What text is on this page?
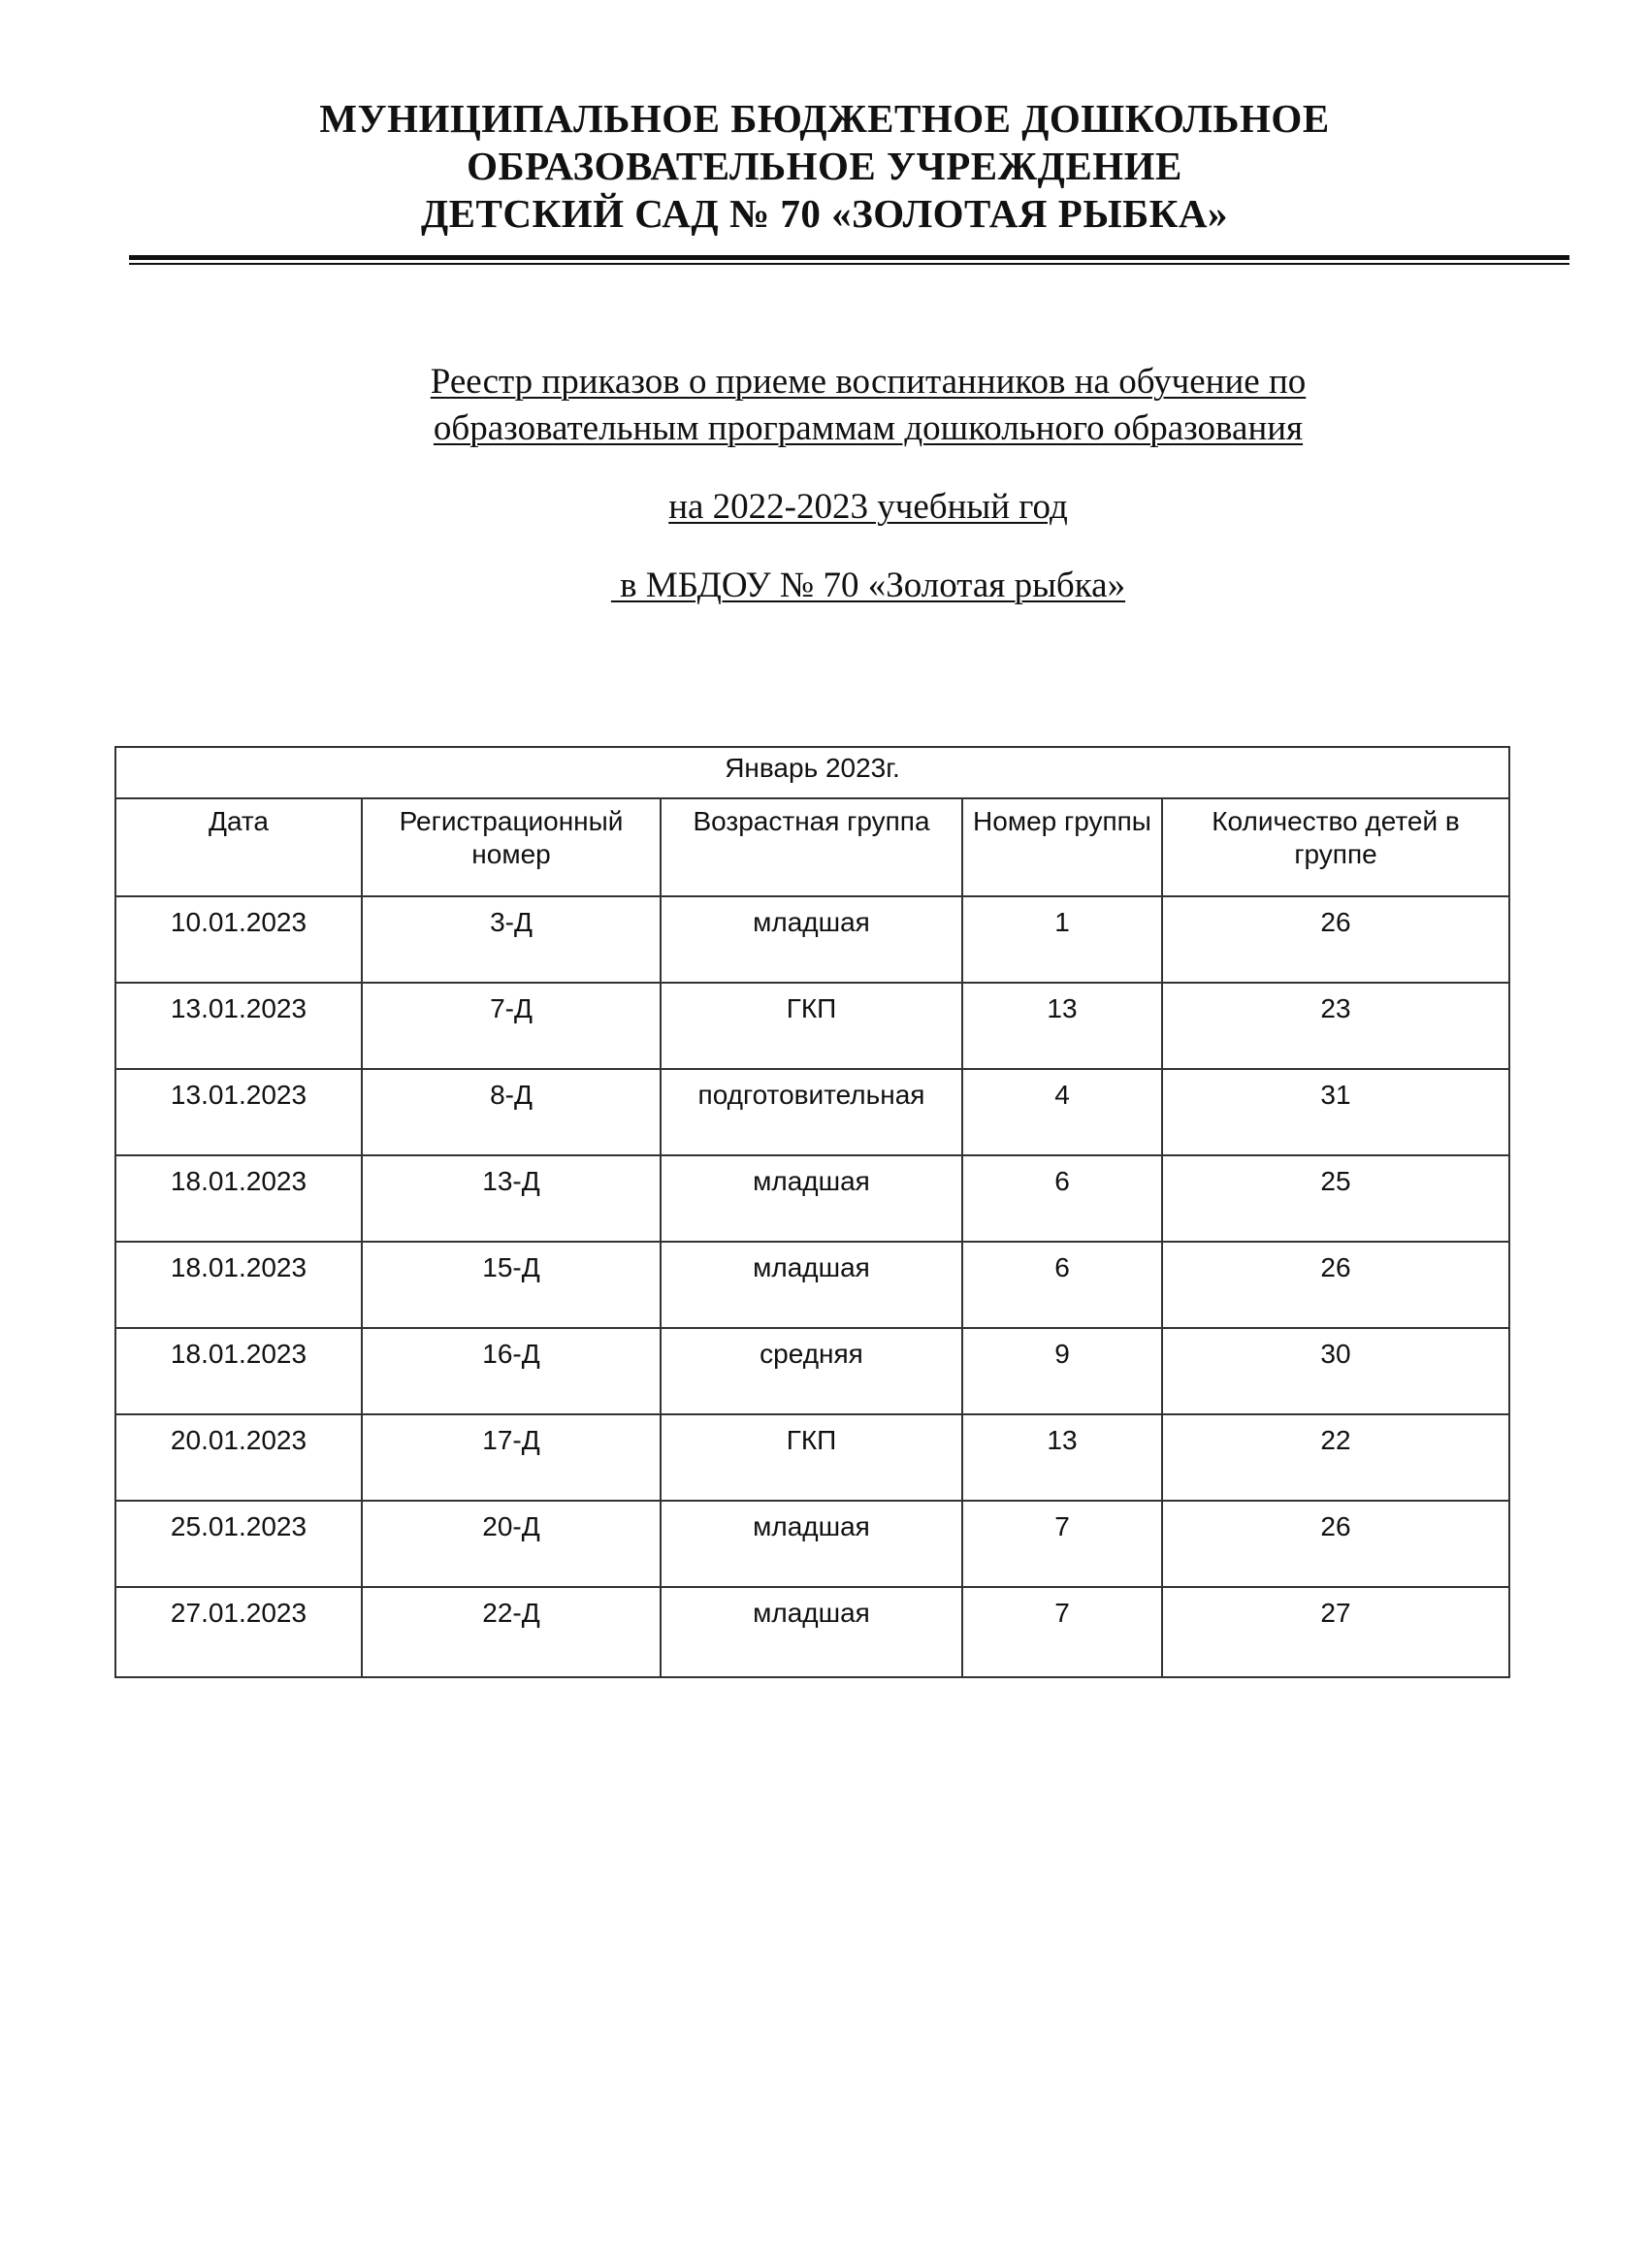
МУНИЦИПАЛЬНОЕ БЮДЖЕТНОЕ ДОШКОЛЬНОЕ
ОБРАЗОВАТЕЛЬНОЕ УЧРЕЖДЕНИЕ
ДЕТСКИЙ САД № 70 «ЗОЛОТАЯ РЫБКА»
Реестр приказов о приеме воспитанников на обучение по
образовательным программам дошкольного образования
на 2022-2023 учебный год
в МБДОУ № 70 «Золотая рыбка»
Январь 2023г.				
Дата	Регистрационный номер	Возрастная группа	Номер группы	Количество детей в группе
10.01.2023	3-Д	младшая	1	26
13.01.2023	7-Д	ГКП	13	23
13.01.2023	8-Д	подготовительная	4	31
18.01.2023	13-Д	младшая	6	25
18.01.2023	15-Д	младшая	6	26
18.01.2023	16-Д	средняя	9	30
20.01.2023	17-Д	ГКП	13	22
25.01.2023	20-Д	младшая	7	26
27.01.2023	22-Д	младшая	7	27
